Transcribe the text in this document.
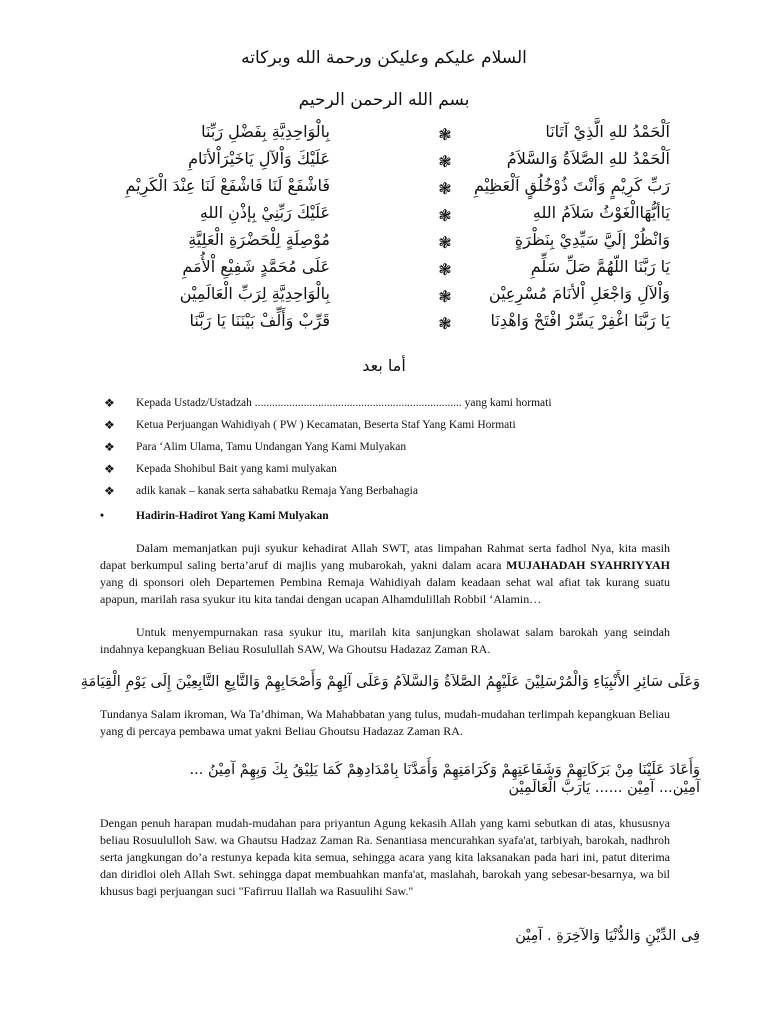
السلام عليكم وعليكن ورحمة الله وبركاته
بسم الله الرحمن الرحيم
اَلْحَمْدُ للهِ الَّذِيْ آتَانَا
❃
بِالْوَاحِدِيَّةِ بِفَضْلِ رَبِّنَا
اَلْحَمْدُ للهِ الصَّلاَةُ وَالسَّلاَمُ
❃
عَلَيْكَ وَاْلآلِ يَاخَيْرَاْلأنَامِ
رَبِّ كَرِيْمٍ وَأنْتَ ذُوْخُلُقٍ اَلْعَظِيْمِ
❃
فَاشْفَعْ لَنَا فَاشْفَعْ لَنَا عِنْدَ الْكَرِيْمِ
يَاأيُّهَاالْغَوْثُ سَلاَمُ اللهِ
❃
عَلَيْكَ رَبِّنِيْ بِإذْنِ اللهِ
وَانْظُرْ إلَيَّ سَيِّدِيْ بِنَظْرَةٍ
❃
مُوْصِلَةٍ لِلْحَضْرَةِ الْعَلِيَّةِ
يَا رَبَّنَا اللّهُمَّ صَلِّ سَلِّمِ
❃
عَلَى مُحَمَّدٍ شَفِيْعِ اْلأُمَمِ
وَاْلآلِ وَاجْعَلِ اْلأنَامَ مُسْرِعِيْن
❃
بِالْوَاحِدِيَّةِ لِرَبِّ الْعَالَمِيْن
يَا رَبَّنَا اغْفِرْ يَسِّرْ افْتَحْ وَاهْدِنَا
❃
قَرِّبْ وَأَلِّفْ بَيْنَنَا يَا رَبَّنَا
أما بعد
❖ Kepada Ustadz/Ustadzah ........................................................................ yang kami hormati
❖ Ketua Perjuangan Wahidiyah ( PW ) Kecamatan, Beserta Staf Yang Kami Hormati
❖ Para ‘Alim Ulama, Tamu Undangan Yang Kami Mulyakan
❖ Kepada Shohibul Bait yang kami mulyakan
❖ adik kanak – kanak serta sahabatku Remaja Yang Berbahagia
•	Hadirin-Hadirot Yang Kami Mulyakan
Dalam memanjatkan puji syukur kehadirat Allah SWT, atas limpahan Rahmat serta fadhol Nya, kita masih dapat berkumpul saling berta’aruf di majlis yang mubarokah, yakni dalam acara MUJAHADAH SYAHRIYYAH yang di sponsori oleh Departemen Pembina Remaja Wahidiyah dalam keadaan sehat wal afiat tak kurang suatu apapun, marilah rasa syukur itu kita tandai dengan ucapan Alhamdulillah Robbil ‘Alamin…
Untuk menyempurnakan rasa syukur itu, marilah kita sanjungkan sholawat salam barokah yang seindah indahnya kepangkuan Beliau Rosulullah SAW, Wa Ghoutsu Hadazaz Zaman RA.
وَعَلَى سَائِرِ الأَنْبِيَاءِ وَالْمُرْسَلِيْنَ عَلَيْهِمُ الصَّلاَةُ وَالسَّلاَمُ وَعَلَى آلِهِمْ وَأَصْحَابِهِمْ وَالتَّابِعِ التَّابِعِيْنَ إِلَى يَوْمِ الْقِيَامَةِ
Tundanya Salam ikroman, Wa Ta’dhiman, Wa Mahabbatan yang tulus, mudah-mudahan terlimpah kepangkuan Beliau yang di percaya pembawa umat yakni Beliau Ghoutsu Hadazaz Zaman RA.
وَأَعَادَ عَلَيْنَا مِنْ بَرَكَاتِهِمْ وَشَفَاعَتِهِمْ وَكَرَامَتِهِمْ وَأَمَدَّنَا بِامْدَادِهِمْ كَمَا يَلِيْقُ بِكَ وَبِهِمْ آمِيْنُ ...
آمِيْن... آمِيْن ...... يَارَبَّ الْعَالَمِيْن
Dengan penuh harapan mudah-mudahan para priyantun Agung kekasih Allah yang kami sebutkan di atas, khususnya beliau Rosuululloh Saw. wa Ghautsu Hadzaz Zaman Ra. Senantiasa mencurahkan syafa'at, tarbiyah, barokah, nadhroh serta jangkungan do’a restunya kepada kita semua, sehingga acara yang kita laksanakan pada hari ini, patut diterima dan diridloi oleh Allah Swt. sehingga dapat membuahkan manfa'at, maslahah, barokah yang sebesar-besarnya, wa bil khusus bagi perjuangan suci "Fafirruu Ilallah wa Rasuulihi Saw."
فِى الدِّيْنِ وَالدُّنْيَا وَالآخِرَةِ . آمِيْن
